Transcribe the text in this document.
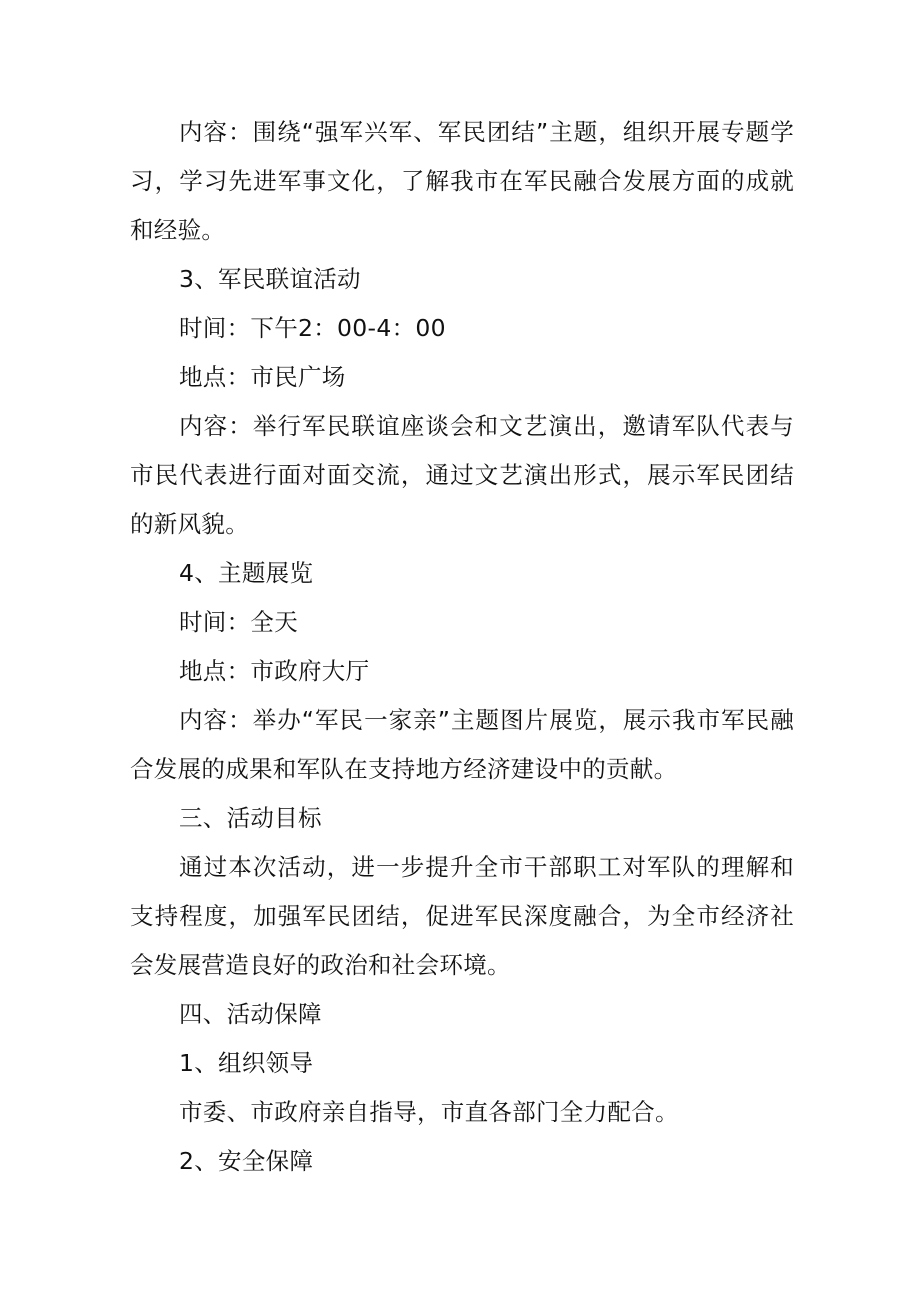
内容：围绕“强军兴军、军民团结”主题，组织开展专题学习，学习先进军事文化，了解我市在军民融合发展方面的成就和经验。

3、军民联谊活动

时间：下午2：00-4：00

地点：市民广场

内容：举行军民联谊座谈会和文艺演出，邀请军队代表与市民代表进行面对面交流，通过文艺演出形式，展示军民团结的新风貌。

4、主题展览

时间：全天

地点：市政府大厅

内容：举办“军民一家亲”主题图片展览，展示我市军民融合发展的成果和军队在支持地方经济建设中的贡献。

三、活动目标

通过本次活动，进一步提升全市干部职工对军队的理解和支持程度，加强军民团结，促进军民深度融合，为全市经济社会发展营造良好的政治和社会环境。

四、活动保障

1、组织领导

市委、市政府亲自指导，市直各部门全力配合。

2、安全保障
